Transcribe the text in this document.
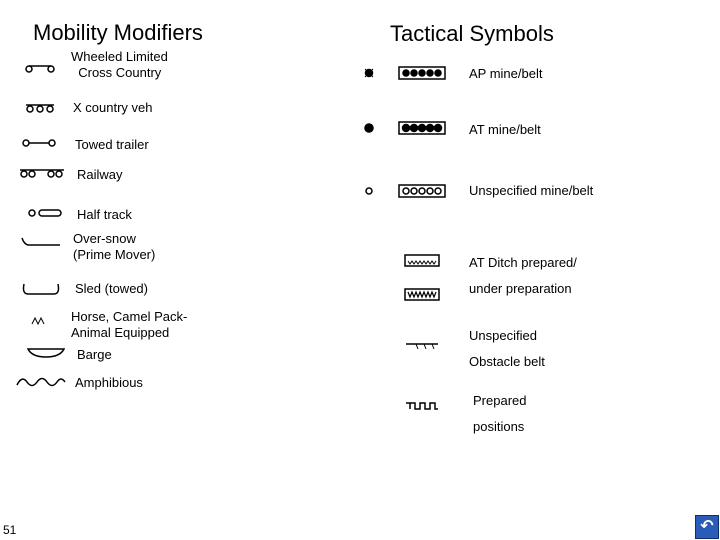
Mobility Modifiers	Tactical Symbols
Wheeled Limited
Cross Country
X country veh
Towed trailer
Railway
Half track
Over-snow
(Prime Mover)
Sled (towed)
Horse, Camel Pack-
Animal Equipped
Barge
Amphibious
AP mine/belt
AT mine/belt
Unspecified mine/belt
AT Ditch prepared/
under preparation
Unspecified
Obstacle belt
Prepared
positions
51	↶
